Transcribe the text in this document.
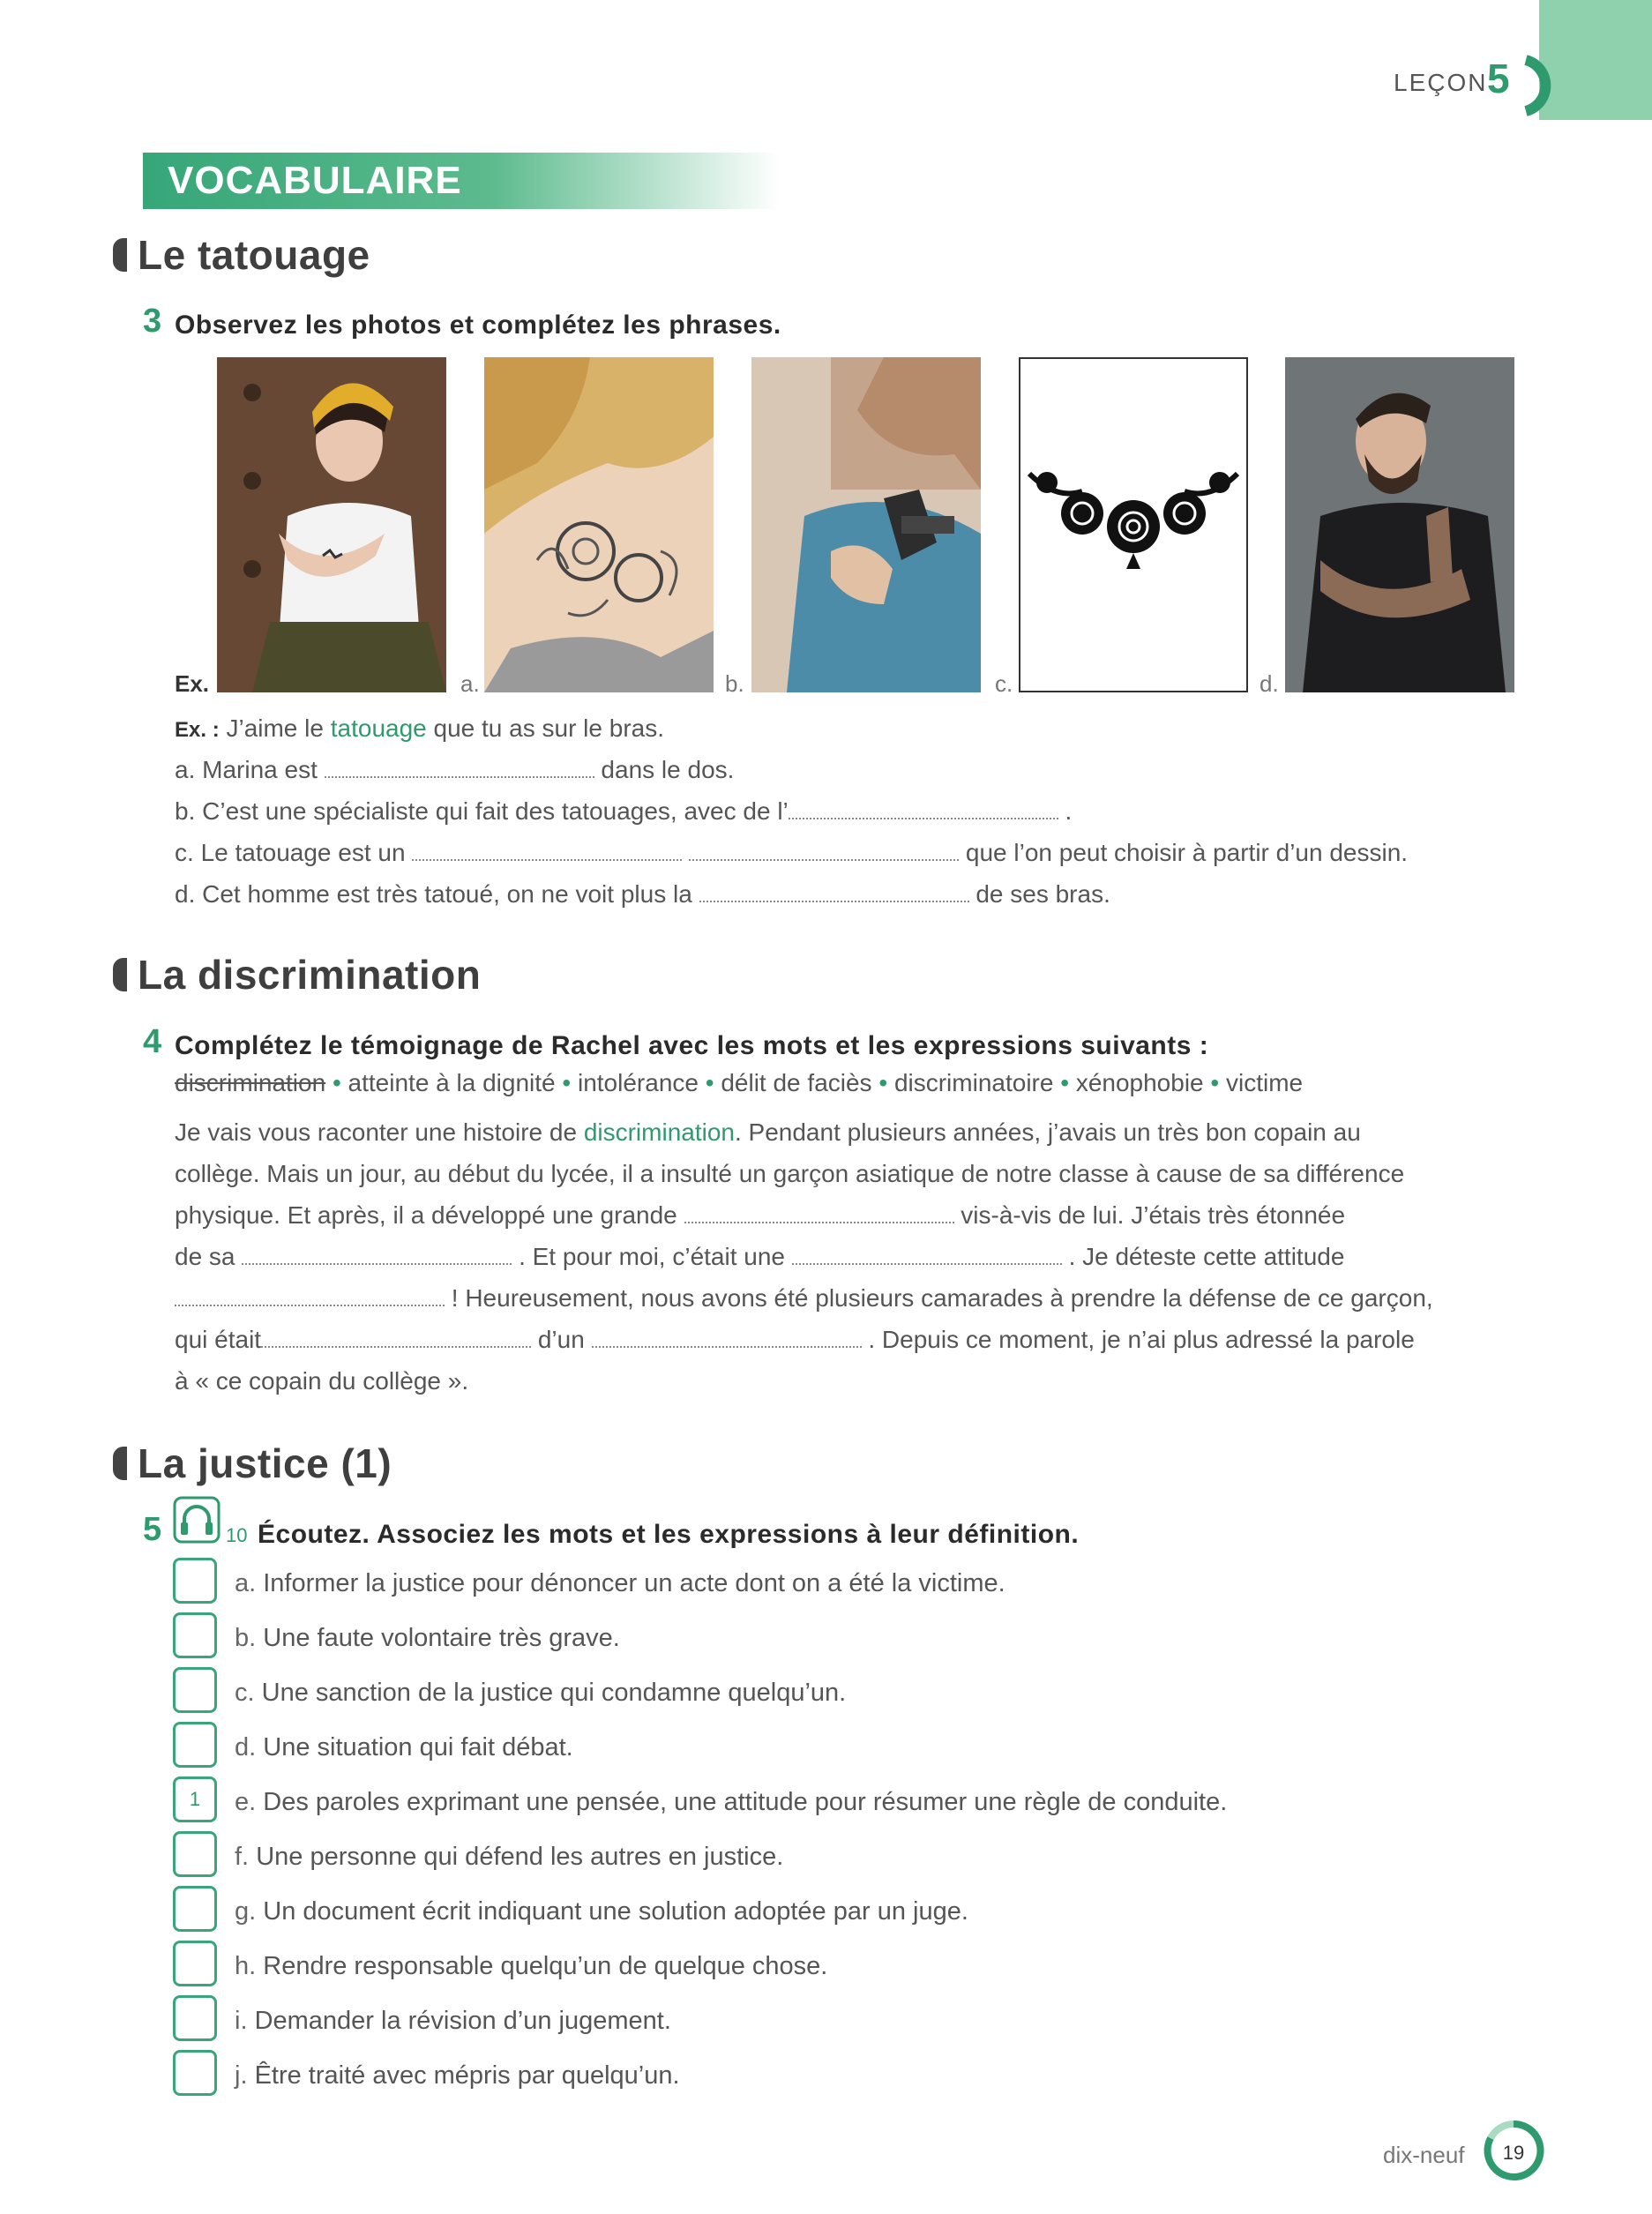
LEÇON 5
VOCABULAIRE
Le tatouage
3 Observez les photos et complétez les phrases.
Ex.	a.	b.	c.	d.
Ex. : J’aime le tatouage que tu as sur le bras.
a. Marina est	dans le dos.
b. C’est une spécialiste qui fait des tatouages, avec de l’	.
c. Le tatouage est un	que l’on peut choisir à partir d’un dessin.
d. Cet homme est très tatoué, on ne voit plus la	de ses bras.
La discrimination
4 Complétez le témoignage de Rachel avec les mots et les expressions suivants :
discrimination • atteinte à la dignité • intolérance • délit de faciès • discriminatoire • xénophobie • victime
Je vais vous raconter une histoire de discrimination. Pendant plusieurs années, j’avais un très bon copain au
collège. Mais un jour, au début du lycée, il a insulté un garçon asiatique de notre classe à cause de sa différence
physique. Et après, il a développé une grande	vis-à-vis de lui. J’étais très étonnée
de sa	. Et pour moi, c’était une	. Je déteste cette attitude
! Heureusement, nous avons été plusieurs camarades à prendre la défense de ce garçon,
qui était	d’un	. Depuis ce moment, je n’ai plus adressé la parole
à « ce copain du collège ».
La justice (1)
5	10 Écoutez. Associez les mots et les expressions à leur définition.
a. Informer la justice pour dénoncer un acte dont on a été la victime.
b. Une faute volontaire très grave.
c. Une sanction de la justice qui condamne quelqu’un.
d. Une situation qui fait débat.
1	e. Des paroles exprimant une pensée, une attitude pour résumer une règle de conduite.
f. Une personne qui défend les autres en justice.
g. Un document écrit indiquant une solution adoptée par un juge.
h. Rendre responsable quelqu’un de quelque chose.
i. Demander la révision d’un jugement.
j. Être traité avec mépris par quelqu’un.
dix-neuf 19
